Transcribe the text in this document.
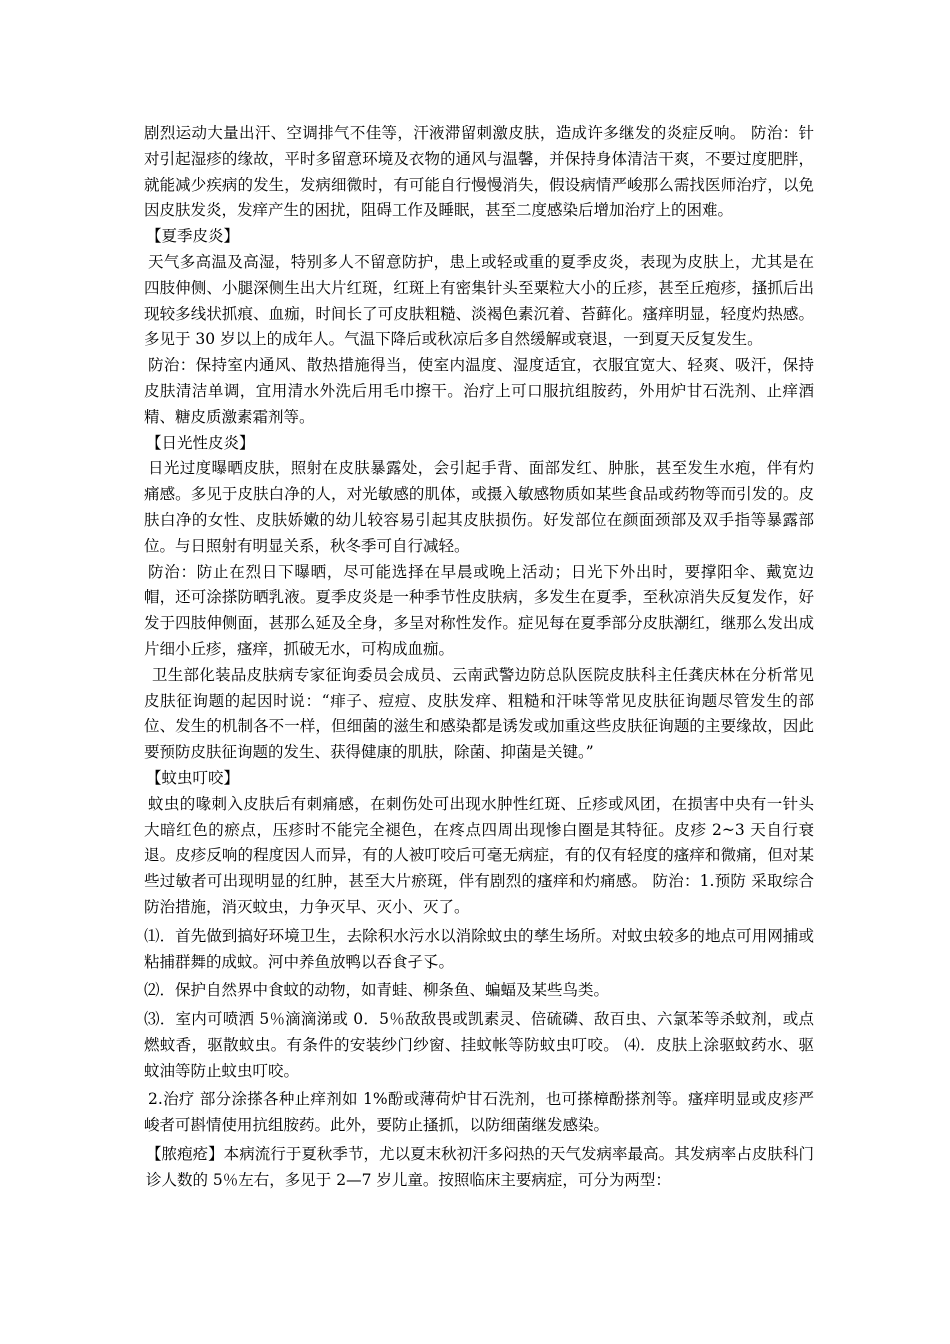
剧烈运动大量出汗、空调排气不佳等，汗液滞留刺激皮肤，造成许多继发的炎症反响。 防治：针对引起湿疹的缘故，平时多留意环境及衣物的通风与温馨，并保持身体清洁干爽，不要过度肥胖，就能减少疾病的发生，发病细微时，有可能自行慢慢消失，假设病情严峻那么需找医师治疗，以免因皮肤发炎，发痒产生的困扰，阻碍工作及睡眠，甚至二度感染后增加治疗上的困难。

【夏季皮炎】

天气多高温及高湿，特别多人不留意防护，患上或轻或重的夏季皮炎，表现为皮肤上，尤其是在四肢伸侧、小腿深侧生出大片红斑，红斑上有密集针头至粟粒大小的丘疹，甚至丘疱疹，搔抓后出现较多线状抓痕、血痂，时间长了可皮肤粗糙、淡褐色素沉着、苔藓化。瘙痒明显，轻度灼热感。多见于 30 岁以上的成年人。气温下降后或秋凉后多自然缓解或衰退，一到夏天反复发生。

防治：保持室内通风、散热措施得当，使室内温度、湿度适宜，衣服宜宽大、轻爽、吸汗，保持皮肤清洁单调，宜用清水外洗后用毛巾擦干。治疗上可口服抗组胺药，外用炉甘石洗剂、止痒酒精、糖皮质激素霜剂等。

【日光性皮炎】

日光过度曝晒皮肤，照射在皮肤暴露处，会引起手背、面部发红、肿胀，甚至发生水疱，伴有灼痛感。多见于皮肤白净的人，对光敏感的肌体，或摄入敏感物质如某些食品或药物等而引发的。皮肤白净的女性、皮肤娇嫩的幼儿较容易引起其皮肤损伤。好发部位在颜面颈部及双手指等暴露部位。与日照射有明显关系，秋冬季可自行减轻。

防治：防止在烈日下曝晒，尽可能选择在早晨或晚上活动；日光下外出时，要撑阳伞、戴宽边帽，还可涂搽防晒乳液。夏季皮炎是一种季节性皮肤病，多发生在夏季，至秋凉消失反复发作，好发于四肢伸侧面，甚那么延及全身，多呈对称性发作。症见每在夏季部分皮肤潮红，继那么发出成片细小丘疹，瘙痒，抓破无水，可构成血痂。

卫生部化装品皮肤病专家征询委员会成员、云南武警边防总队医院皮肤科主任龚庆林在分析常见皮肤征询题的起因时说：“痱子、痘痘、皮肤发痒、粗糙和汗味等常见皮肤征询题尽管发生的部位、发生的机制各不一样，但细菌的滋生和感染都是诱发或加重这些皮肤征询题的主要缘故，因此要预防皮肤征询题的发生、获得健康的肌肤，除菌、抑菌是关键。”

【蚊虫叮咬】

蚊虫的喙刺入皮肤后有刺痛感，在刺伤处可出现水肿性红斑、丘疹或风团，在损害中央有一针头大暗红色的瘀点，压疹时不能完全褪色，在疼点四周出现惨白圈是其特征。皮疹 2~3 天自行衰退。皮疹反响的程度因人而异，有的人被叮咬后可毫无病症，有的仅有轻度的瘙痒和微痛，但对某些过敏者可出现明显的红肿，甚至大片瘀斑，伴有剧烈的瘙痒和灼痛感。 防治：1.预防 采取综合防治措施，消灭蚊虫，力争灭早、灭小、灭了。

⑴．首先做到搞好环境卫生，去除积水污水以消除蚊虫的孳生场所。对蚊虫较多的地点可用网捕或粘捕群舞的成蚊。河中养鱼放鸭以吞食孑孓。

⑵．保护自然界中食蚊的动物，如青蛙、柳条鱼、蝙蝠及某些鸟类。

⑶．室内可喷洒 5％滴滴涕或 0．5％敌敌畏或凯素灵、倍硫磷、敌百虫、六氯苯等杀蚊剂，或点燃蚊香，驱散蚊虫。有条件的安装纱门纱窗、挂蚊帐等防蚊虫叮咬。 ⑷．皮肤上涂驱蚊药水、驱蚊油等防止蚊虫叮咬。

2.治疗 部分涂搽各种止痒剂如 1%酚或薄荷炉甘石洗剂，也可搽樟酚搽剂等。瘙痒明显或皮疹严峻者可斟情使用抗组胺药。此外，要防止搔抓，以防细菌继发感染。

【脓疱疮】本病流行于夏秋季节，尤以夏末秋初汗多闷热的天气发病率最高。其发病率占皮肤科门诊人数的 5％左右，多见于 2—7 岁儿童。按照临床主要病症，可分为两型：
